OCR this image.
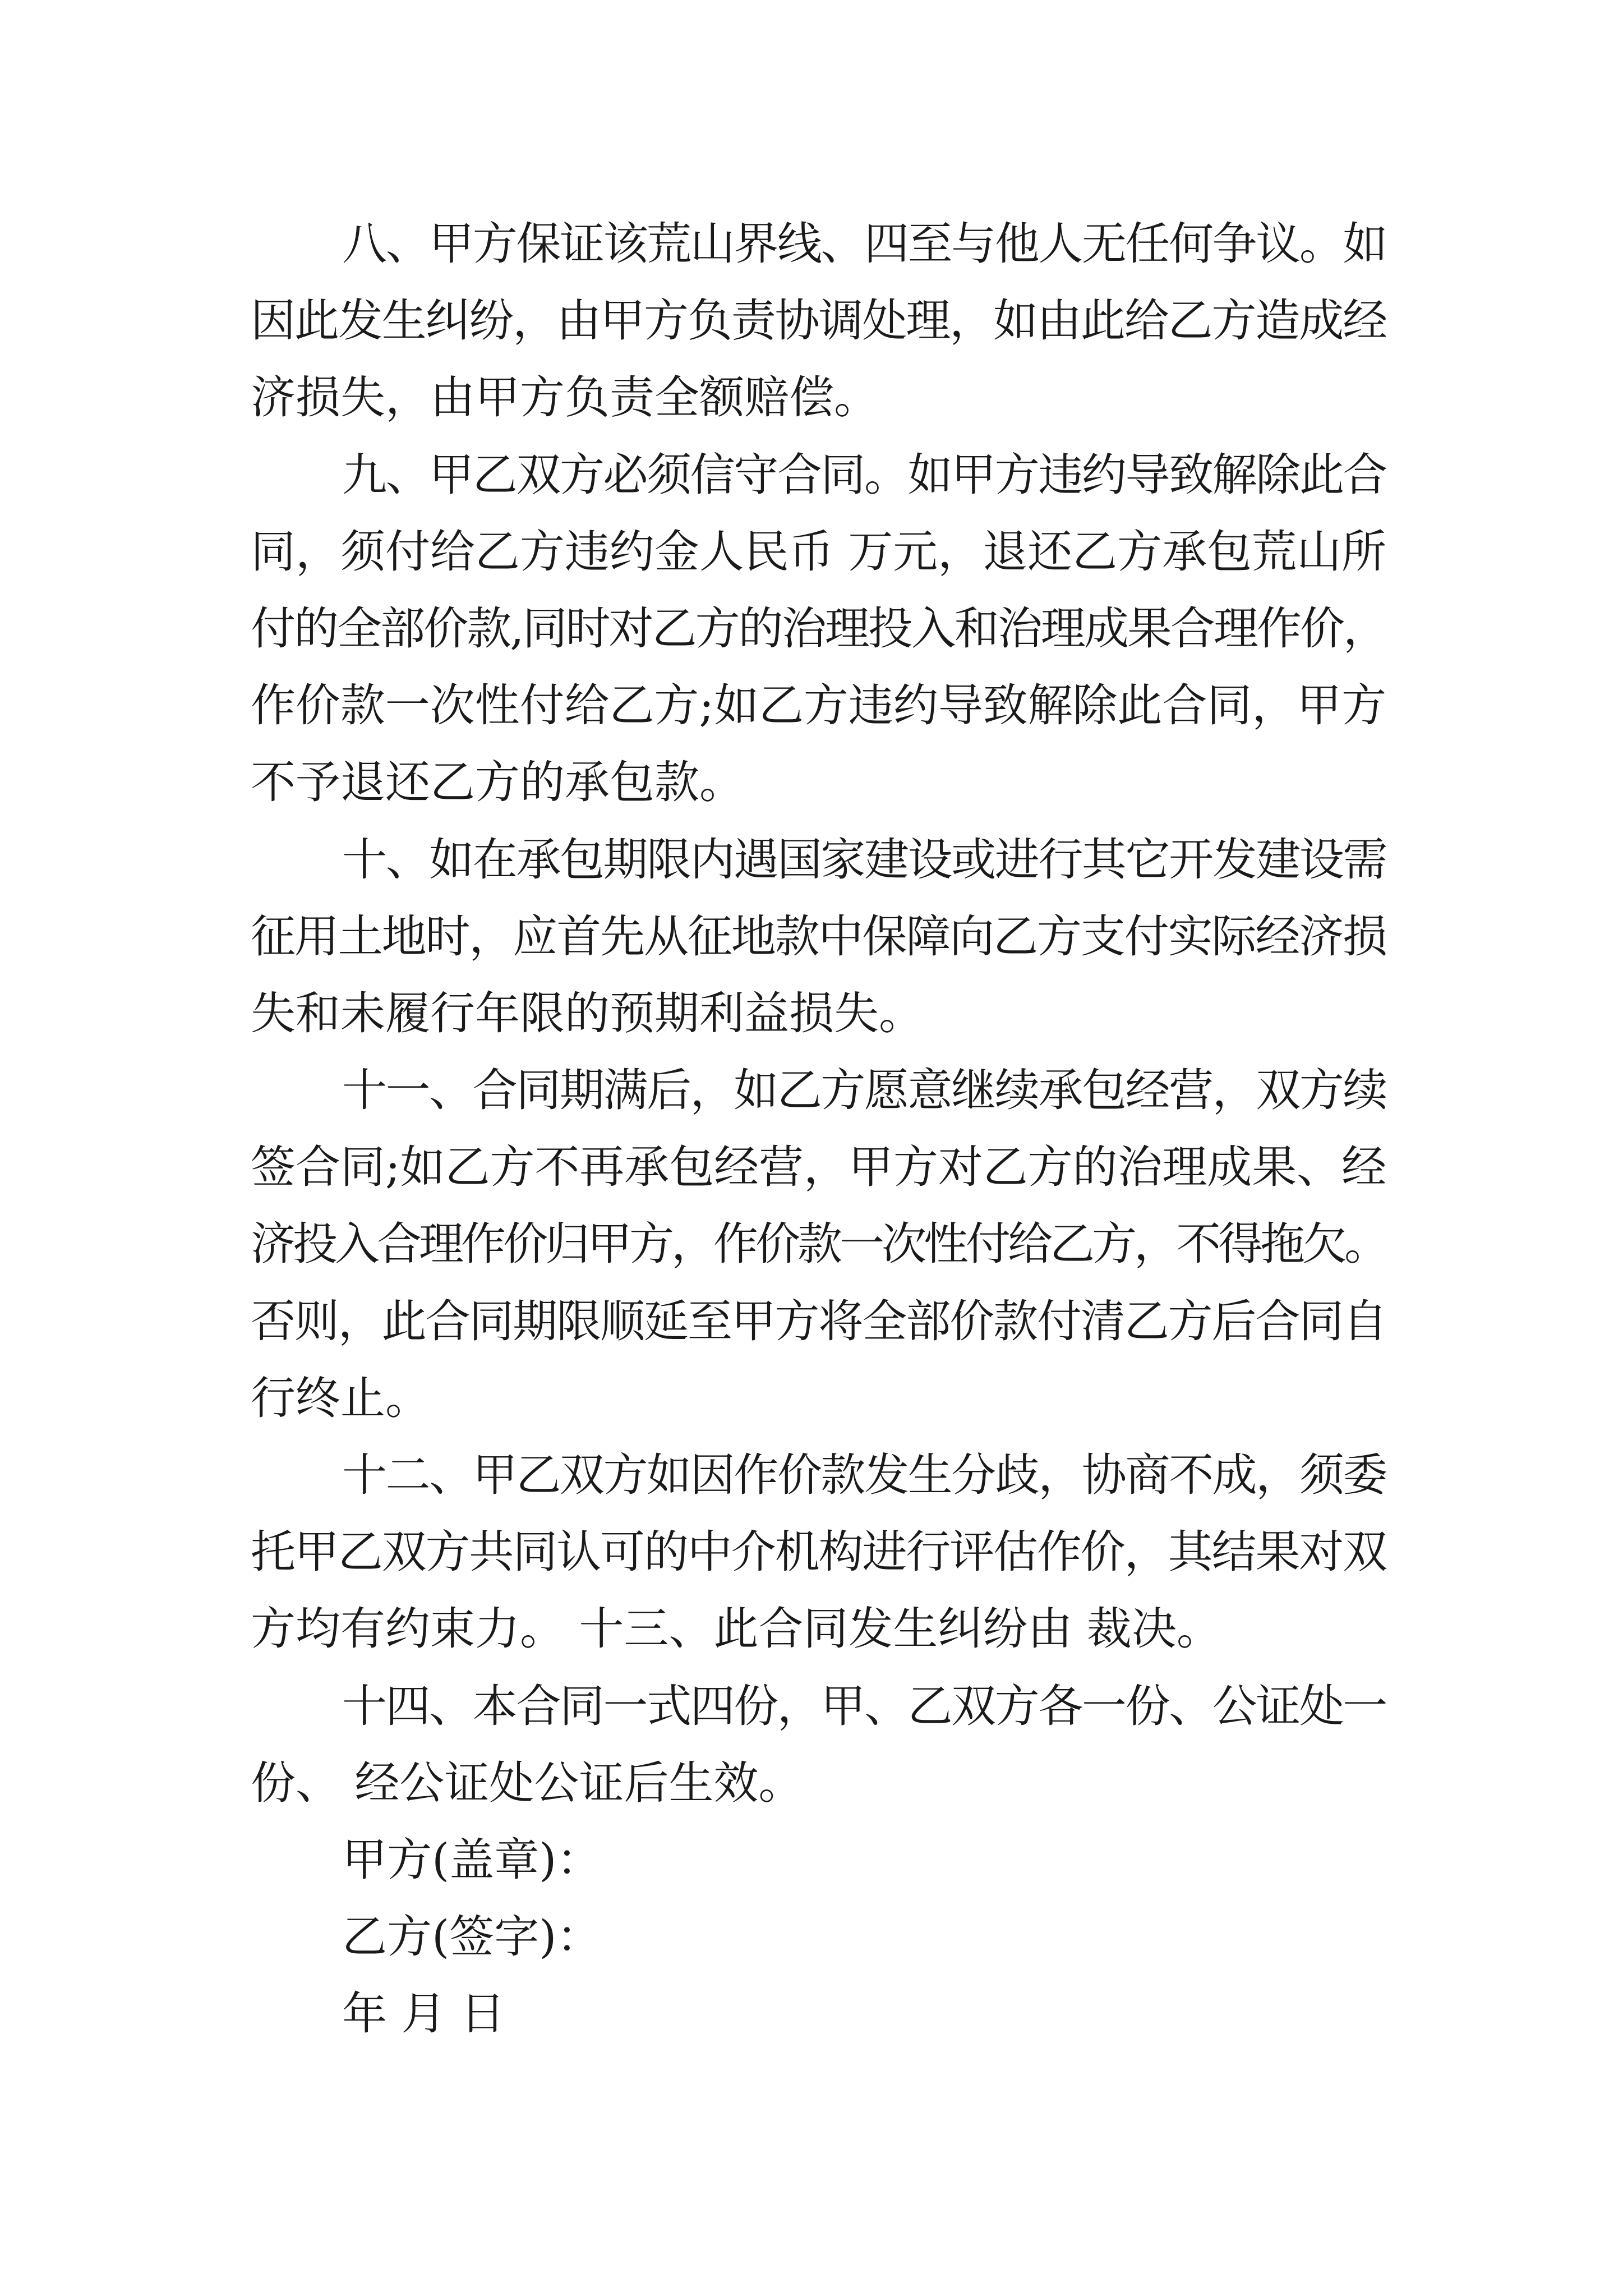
八、甲方保证该荒山界线、四至与他人无任何争议。如
因此发生纠纷，由甲方负责协调处理，如由此给乙方造成经
济损失，由甲方负责全额赔偿。
九、甲乙双方必须信守合同。如甲方违约导致解除此合
同，须付给乙方违约金人民币 万元，退还乙方承包荒山所
付的全部价款,同时对乙方的治理投入和治理成果合理作价，
作价款一次性付给乙方;如乙方违约导致解除此合同，甲方
不予退还乙方的承包款。
十、如在承包期限内遇国家建设或进行其它开发建设需
征用土地时，应首先从征地款中保障向乙方支付实际经济损
失和未履行年限的预期利益损失。
十一、合同期满后，如乙方愿意继续承包经营，双方续
签合同;如乙方不再承包经营，甲方对乙方的治理成果、经
济投入合理作价归甲方，作价款一次性付给乙方，不得拖欠。
否则，此合同期限顺延至甲方将全部价款付清乙方后合同自
行终止。
十二、甲乙双方如因作价款发生分歧，协商不成，须委
托甲乙双方共同认可的中介机构进行评估作价，其结果对双
方均有约束力。 十三、此合同发生纠纷由 裁决。
十四、本合同一式四份，甲、乙双方各一份、公证处一
份、 经公证处公证后生效。
甲方(盖章)：
乙方(签字)：
年 月 日
